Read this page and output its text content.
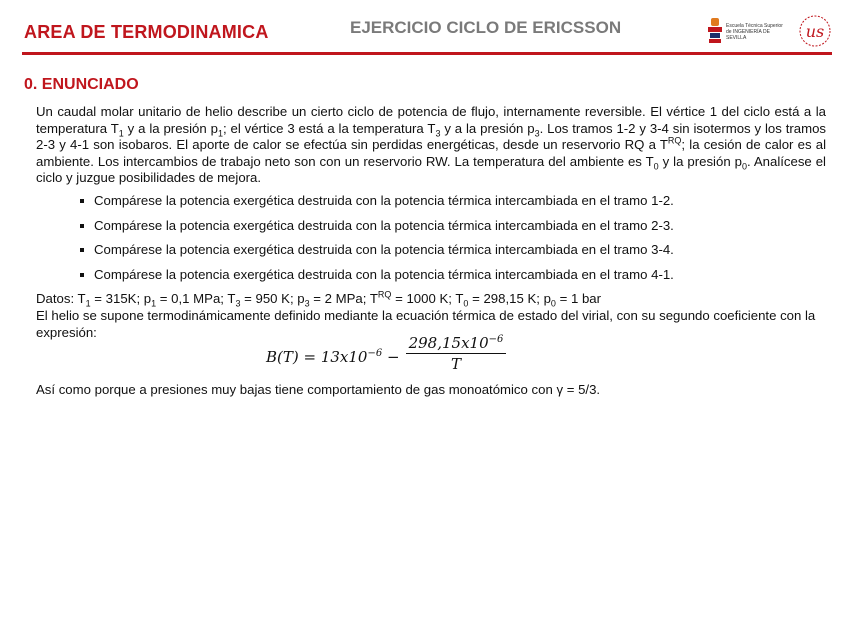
AREA DE TERMODINAMICA	EJERCICIO CICLO DE ERICSSON	Escuela Técnica Superior de INGENIERÍA DE SEVILLA	us
0. ENUNCIADO

Un caudal molar unitario de helio describe un cierto ciclo de potencia de flujo, internamente reversible. El vértice 1 del ciclo está a la temperatura $T_1$ y a la presión $p_1$; el vértice 3 está a la temperatura $T_3$ y a la presión $p_3$. Los tramos 1-2 y 3-4 sin isotermos y los tramos 2-3 y 4-1 son isobaros. El aporte de calor se efectúa sin perdidas energéticas, desde un reservorio RQ a $T^{RQ}$; la cesión de calor es al ambiente. Los intercambios de trabajo neto son con un reservorio RW. La temperatura del ambiente es $T_0$ y la presión $p_0$. Analícese el ciclo y juzgue posibilidades de mejora.

Compárese la potencia exergética destruida con la potencia térmica intercambiada en el tramo 1-2.
Compárese la potencia exergética destruida con la potencia térmica intercambiada en el tramo 2-3.
Compárese la potencia exergética destruida con la potencia térmica intercambiada en el tramo 3-4.
Compárese la potencia exergética destruida con la potencia térmica intercambiada en el tramo 4-1.

Datos: $T_1 = 315K$; $p_1 = 0,1$ MPa; $T_3 = 950$ K; $p_3 = 2$ MPa; $T^{RQ} = 1000$ K; $T_0 = 298,15$ K; $p_0 = 1$ bar

El helio se supone termodinámicamente definido mediante la ecuación térmica de estado del virial, con su segundo coeficiente con la expresión:

$B(T) = 13x10^{-6} - \frac{298,15x10^{-6}}{T}$
Así como porque a presiones muy bajas tiene comportamiento de gas monoatómico con γ = 5/3.
